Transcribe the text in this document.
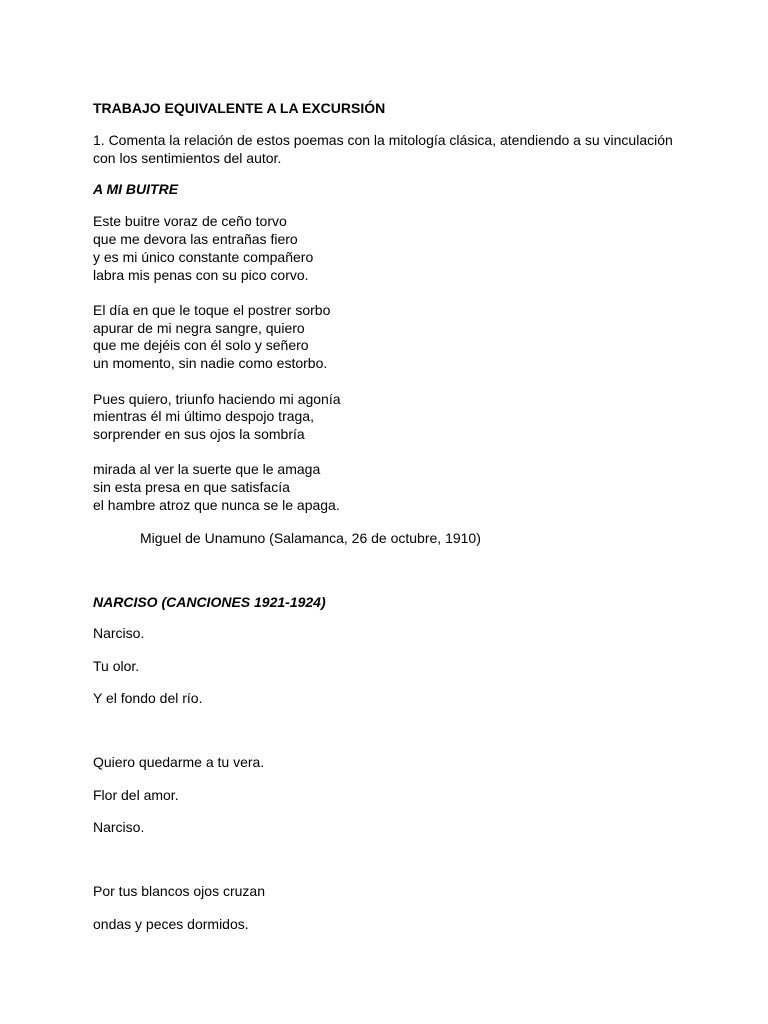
TRABAJO EQUIVALENTE A LA EXCURSIÓN
1. Comenta la relación de estos poemas con la mitología clásica, atendiendo a su vinculación con los sentimientos del autor.
A MI BUITRE
Este buitre voraz de ceño torvo
que me devora las entrañas fiero
y es mi único constante compañero
labra mis penas con su pico corvo.
El día en que le toque el postrer sorbo
apurar de mi negra sangre, quiero
que me dejéis con él solo y señero
un momento, sin nadie como estorbo.
Pues quiero, triunfo haciendo mi agonía
mientras él mi último despojo traga,
sorprender en sus ojos la sombría
mirada al ver la suerte que le amaga
sin esta presa en que satisfacía
el hambre atroz que nunca se le apaga.
Miguel de Unamuno (Salamanca, 26 de octubre, 1910)
NARCISO (CANCIONES 1921-1924)
Narciso.
Tu olor.
Y el fondo del río.
Quiero quedarme a tu vera.
Flor del amor.
Narciso.
Por tus blancos ojos cruzan
ondas y peces dormidos.
